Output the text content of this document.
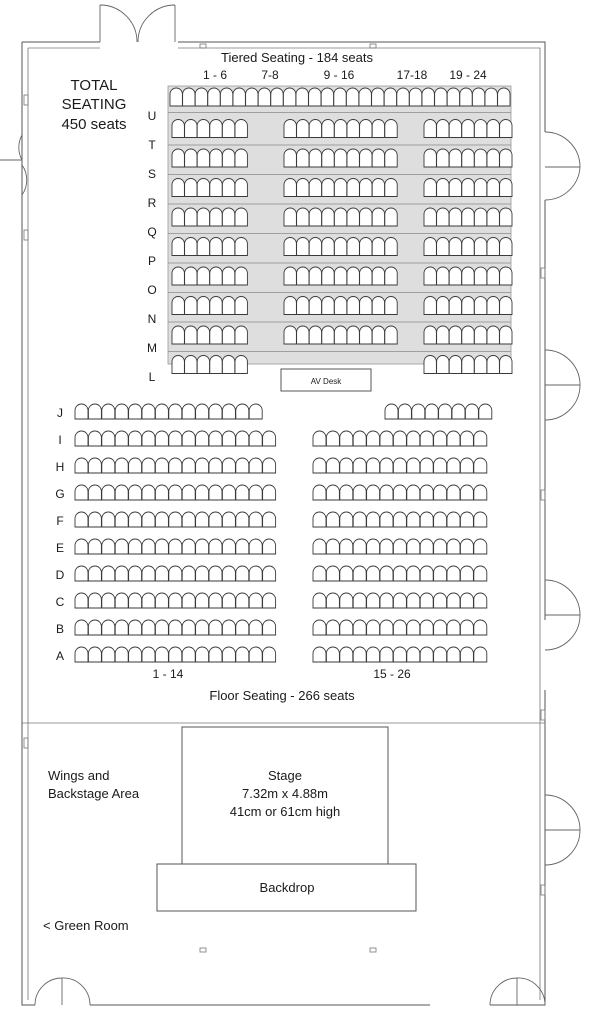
TOTAL
SEATING
450 seats
Tiered Seating - 184 seats
1 - 6	7-8	9 - 16	17-18 19 - 24
U
T
S
R
Q
P
O
N
M
L	AV Desk
J
I
H
G
F
E
D
C
B
A
1 - 14	15 - 26
Floor Seating - 266 seats
Wings and
Backstage Area
Stage
7.32m x 4.88m
41cm or 61cm high
Backdrop
< Green Room
